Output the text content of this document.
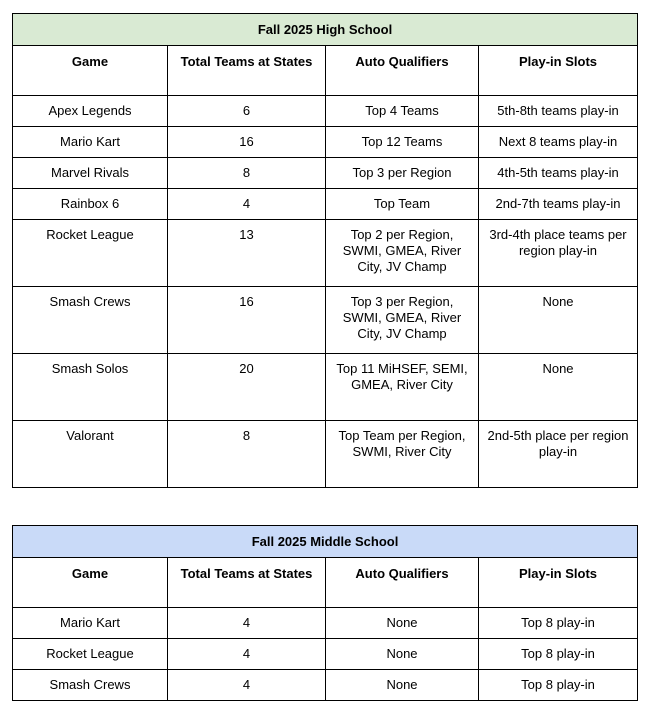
Fall 2025 High School			
Game	Total Teams at States	Auto Qualifiers	Play-in Slots
Apex Legends	6	Top 4 Teams	5th-8th teams play-in
Mario Kart	16	Top 12 Teams	Next 8 teams play-in
Marvel Rivals	8	Top 3 per Region	4th-5th teams play-in
Rainbox 6	4	Top Team	2nd-7th teams play-in
Rocket League	13	Top 2 per Region, SWMI, GMEA, River City, JV Champ	3rd-4th place teams per region play-in
Smash Crews	16	Top 3 per Region, SWMI, GMEA, River City, JV Champ	None
Smash Solos	20	Top 11 MiHSEF, SEMI, GMEA, River City	None
Valorant	8	Top Team per Region, SWMI, River City	2nd-5th place per region play-in
Fall 2025 Middle School			
Game	Total Teams at States	Auto Qualifiers	Play-in Slots
Mario Kart	4	None	Top 8 play-in
Rocket League	4	None	Top 8 play-in
Smash Crews	4	None	Top 8 play-in
